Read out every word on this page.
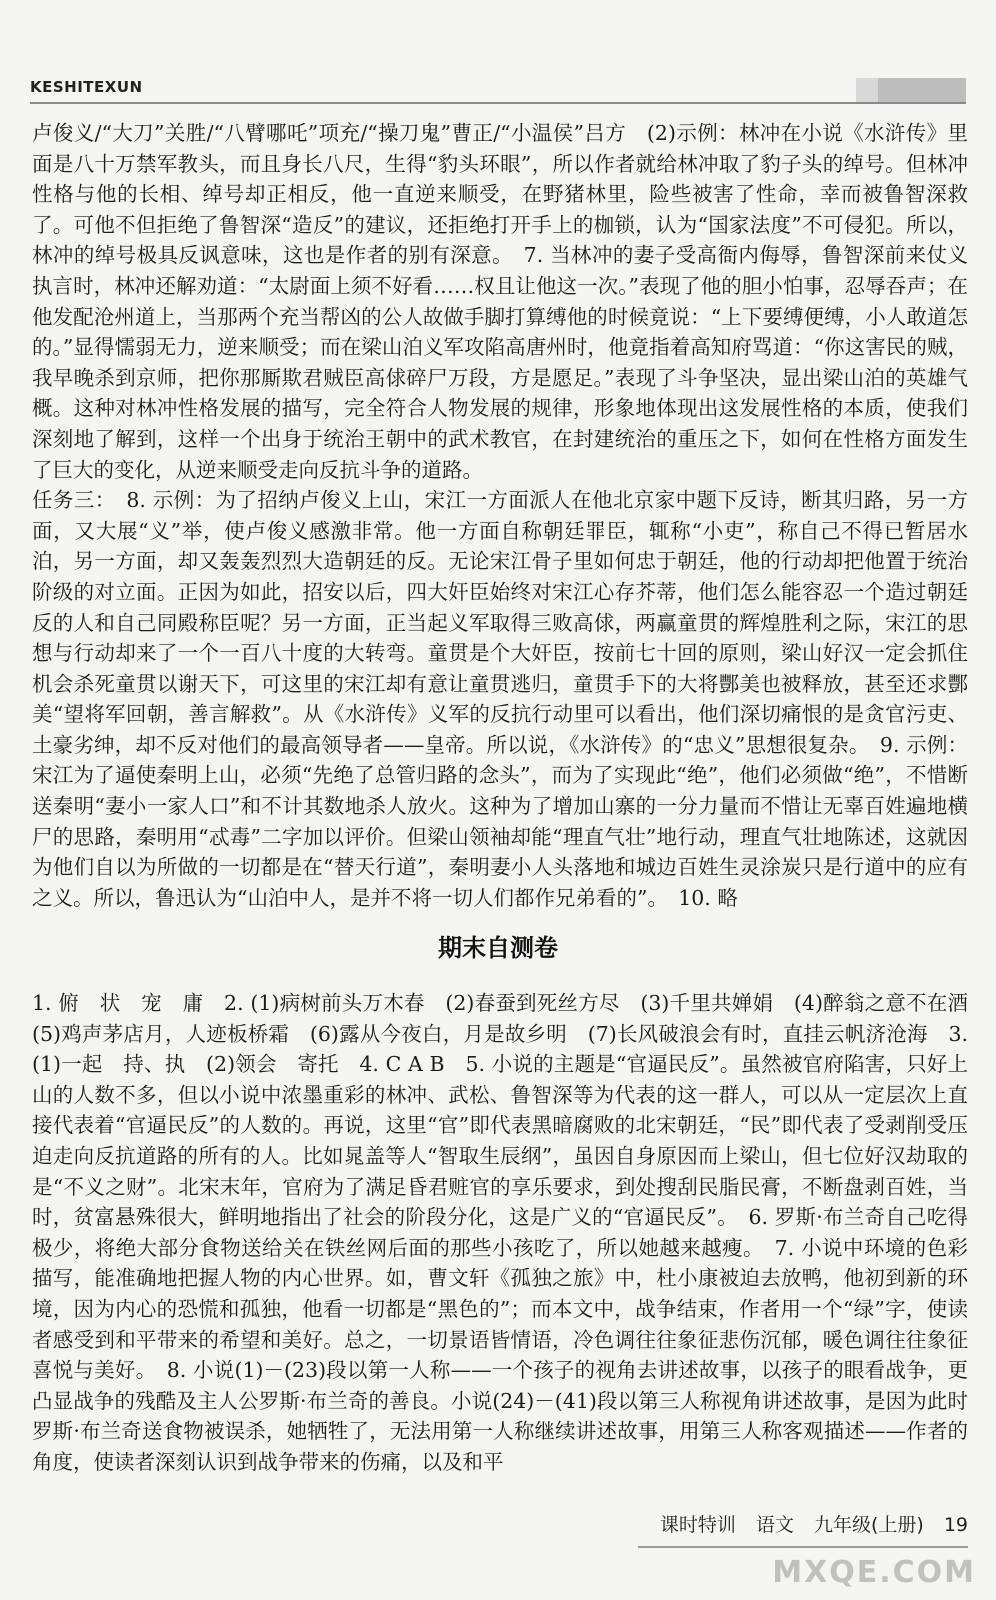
KESHITEXUN

卢俊义/“大刀”关胜/“八臂哪吒”项充/“操刀鬼”曹正/“小温侯”吕方　(2)示例：林冲在小说《水浒传》里面是八十万禁军教头，而且身长八尺，生得“豹头环眼”，所以作者就给林冲取了豹子头的绰号。但林冲性格与他的长相、绰号却正相反，他一直逆来顺受，在野猪林里，险些被害了性命，幸而被鲁智深救了。可他不但拒绝了鲁智深“造反”的建议，还拒绝打开手上的枷锁，认为“国家法度”不可侵犯。所以，林冲的绰号极具反讽意味，这也是作者的别有深意。　7. 当林冲的妻子受高衙内侮辱，鲁智深前来仗义执言时，林冲还解劝道：“太尉面上须不好看……权且让他这一次。”表现了他的胆小怕事，忍辱吞声；在他发配沧州道上，当那两个充当帮凶的公人故做手脚打算缚他的时候竟说：“上下要缚便缚，小人敢道怎的。”显得懦弱无力，逆来顺受；而在梁山泊义军攻陷高唐州时，他竟指着高知府骂道：“你这害民的贼，我早晚杀到京师，把你那厮欺君贼臣高俅碎尸万段，方是愿足。”表现了斗争坚决，显出梁山泊的英雄气概。这种对林冲性格发展的描写，完全符合人物发展的规律，形象地体现出这发展性格的本质，使我们深刻地了解到，这样一个出身于统治王朝中的武术教官，在封建统治的重压之下，如何在性格方面发生了巨大的变化，从逆来顺受走向反抗斗争的道路。

任务三：　8. 示例：为了招纳卢俊义上山，宋江一方面派人在他北京家中题下反诗，断其归路，另一方面，又大展“义”举，使卢俊义感激非常。他一方面自称朝廷罪臣，辄称“小吏”，称自己不得已暂居水泊，另一方面，却又轰轰烈烈大造朝廷的反。无论宋江骨子里如何忠于朝廷，他的行动却把他置于统治阶级的对立面。正因为如此，招安以后，四大奸臣始终对宋江心存芥蒂，他们怎么能容忍一个造过朝廷反的人和自己同殿称臣呢？另一方面，正当起义军取得三败高俅，两赢童贯的辉煌胜利之际，宋江的思想与行动却来了一个一百八十度的大转弯。童贯是个大奸臣，按前七十回的原则，梁山好汉一定会抓住机会杀死童贯以谢天下，可这里的宋江却有意让童贯逃归，童贯手下的大将酆美也被释放，甚至还求酆美“望将军回朝，善言解救”。从《水浒传》义军的反抗行动里可以看出，他们深切痛恨的是贪官污吏、土豪劣绅，却不反对他们的最高领导者——皇帝。所以说，《水浒传》的“忠义”思想很复杂。　9. 示例：宋江为了逼使秦明上山，必须“先绝了总管归路的念头”，而为了实现此“绝”，他们必须做“绝”，不惜断送秦明“妻小一家人口”和不计其数地杀人放火。这种为了增加山寨的一分力量而不惜让无辜百姓遍地横尸的思路，秦明用“忒毒”二字加以评价。但梁山领袖却能“理直气壮”地行动，理直气壮地陈述，这就因为他们自以为所做的一切都是在“替天行道”，秦明妻小人头落地和城边百姓生灵涂炭只是行道中的应有之义。所以，鲁迅认为“山泊中人，是并不将一切人们都作兄弟看的”。　10. 略

期末自测卷

1. 俯　状　宠　庸　2. (1)病树前头万木春　(2)春蚕到死丝方尽　(3)千里共婵娟　(4)醉翁之意不在酒　(5)鸡声茅店月，人迹板桥霜　(6)露从今夜白，月是故乡明　(7)长风破浪会有时，直挂云帆济沧海　3. (1)一起　持、执　(2)领会　寄托　4. C A B　5. 小说的主题是“官逼民反”。虽然被官府陷害，只好上山的人数不多，但以小说中浓墨重彩的林冲、武松、鲁智深等为代表的这一群人，可以从一定层次上直接代表着“官逼民反”的人数的。再说，这里“官”即代表黑暗腐败的北宋朝廷，“民”即代表了受剥削受压迫走向反抗道路的所有的人。比如晁盖等人“智取生辰纲”，虽因自身原因而上梁山，但七位好汉劫取的是“不义之财”。北宋末年，官府为了满足昏君赃官的享乐要求，到处搜刮民脂民膏，不断盘剥百姓，当时，贫富悬殊很大，鲜明地指出了社会的阶段分化，这是广义的“官逼民反”。　6. 罗斯·布兰奇自己吃得极少，将绝大部分食物送给关在铁丝网后面的那些小孩吃了，所以她越来越瘦。　7. 小说中环境的色彩描写，能准确地把握人物的内心世界。如，曹文轩《孤独之旅》中，杜小康被迫去放鸭，他初到新的环境，因为内心的恐慌和孤独，他看一切都是“黑色的”；而本文中，战争结束，作者用一个“绿”字，使读者感受到和平带来的希望和美好。总之，一切景语皆情语，冷色调往往象征悲伤沉郁，暖色调往往象征喜悦与美好。　8. 小说(1)－(23)段以第一人称——一个孩子的视角去讲述故事，以孩子的眼看战争，更凸显战争的残酷及主人公罗斯·布兰奇的善良。小说(24)－(41)段以第三人称视角讲述故事，是因为此时罗斯·布兰奇送食物被误杀，她牺牲了，无法用第一人称继续讲述故事，用第三人称客观描述——作者的角度，使读者深刻认识到战争带来的伤痛，以及和平

课时特训 语文 九年级(上册) 19
MXQE.COM
